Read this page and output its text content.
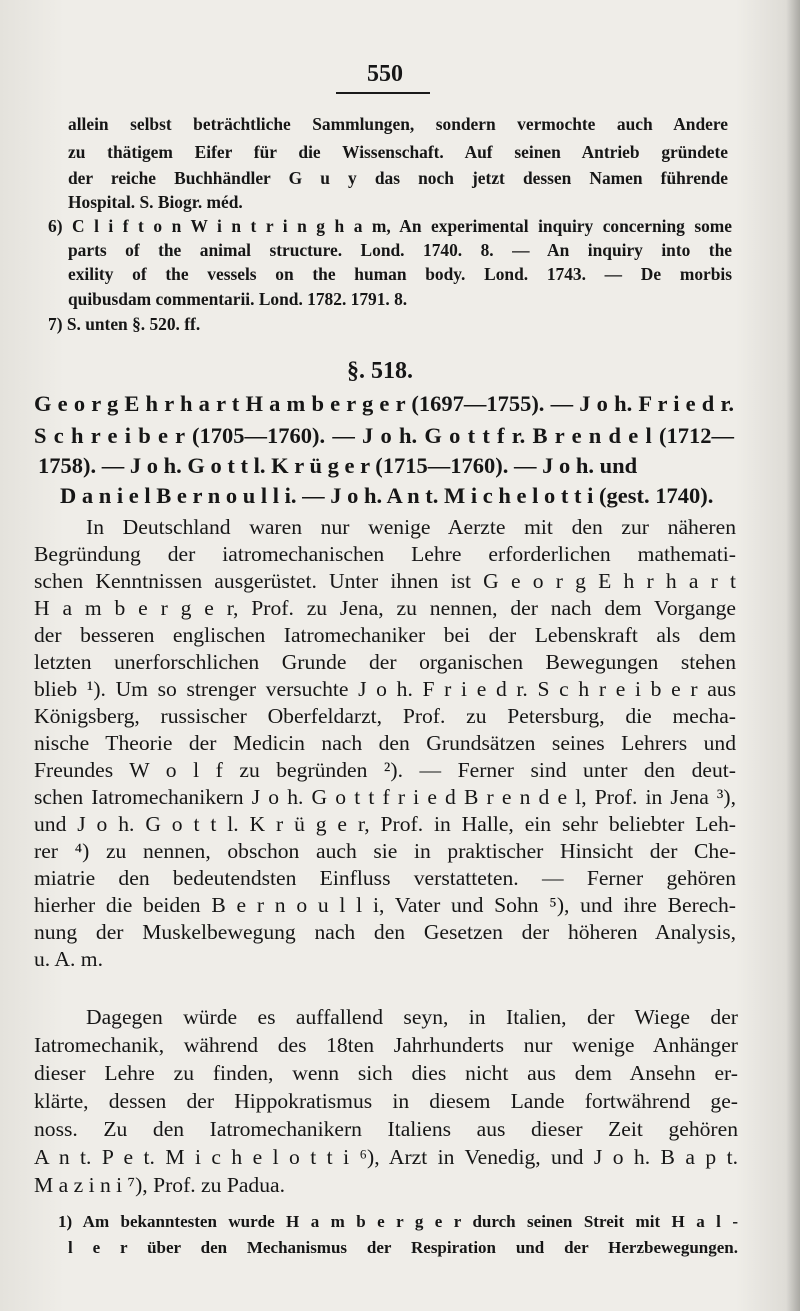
550

allein selbst beträchtliche Sammlungen, sondern vermochte auch Andere

zu thätigem Eifer für die Wissenschaft. Auf seinen Antrieb gründete

der reiche Buchhändler G u y das noch jetzt dessen Namen führende

Hospital. S. Biogr. méd.

6) C l i f t o n W i n t r i n g h a m, An experimental inquiry concerning some

parts of the animal structure. Lond. 1740. 8. — An inquiry into the

exility of the vessels on the human body. Lond. 1743. — De morbis

quibusdam commentarii. Lond. 1782. 1791. 8.

7) S. unten §. 520. ff.

§. 518.

G e o r g E h r h a r t H a m b e r g e r (1697—1755). — J o h. F r i e d r.

S c h r e i b e r (1705—1760). — J o h. G o t t f r. B r e n d e l (1712—

1758). — J o h. G o t t l. K r ü g e r (1715—1760). — J o h. und

D a n i e l B e r n o u l l i. — J o h. A n t. M i c h e l o t t i (gest. 1740).

In Deutschland waren nur wenige Aerzte mit den zur näheren

Begründung der iatromechanischen Lehre erforderlichen mathemati-

schen Kenntnissen ausgerüstet. Unter ihnen ist G e o r g E h r h a r t

H a m b e r g e r, Prof. zu Jena, zu nennen, der nach dem Vorgange

der besseren englischen Iatromechaniker bei der Lebenskraft als dem

letzten unerforschlichen Grunde der organischen Bewegungen stehen

blieb ¹). Um so strenger versuchte J o h. F r i e d r. S c h r e i b e r aus

Königsberg, russischer Oberfeldarzt, Prof. zu Petersburg, die mecha-

nische Theorie der Medicin nach den Grundsätzen seines Lehrers und

Freundes W o l f zu begründen ²). — Ferner sind unter den deut-

schen Iatromechanikern J o h. G o t t f r i e d B r e n d e l, Prof. in Jena ³),

und J o h. G o t t l. K r ü g e r, Prof. in Halle, ein sehr beliebter Leh-

rer ⁴) zu nennen, obschon auch sie in praktischer Hinsicht der Che-

miatrie den bedeutendsten Einfluss verstatteten. — Ferner gehören

hierher die beiden B e r n o u l l i, Vater und Sohn ⁵), und ihre Berech-

nung der Muskelbewegung nach den Gesetzen der höheren Analysis,

u. A. m.

Dagegen würde es auffallend seyn, in Italien, der Wiege der

Iatromechanik, während des 18ten Jahrhunderts nur wenige Anhänger

dieser Lehre zu finden, wenn sich dies nicht aus dem Ansehn er-

klärte, dessen der Hippokratismus in diesem Lande fortwährend ge-

noss. Zu den Iatromechanikern Italiens aus dieser Zeit gehören

A n t. P e t. M i c h e l o t t i ⁶), Arzt in Venedig, und J o h. B a p t.

M a z i n i ⁷), Prof. zu Padua.

1) Am bekanntesten wurde H a m b e r g e r durch seinen Streit mit H a l -

l e r über den Mechanismus der Respiration und der Herzbewegungen.
